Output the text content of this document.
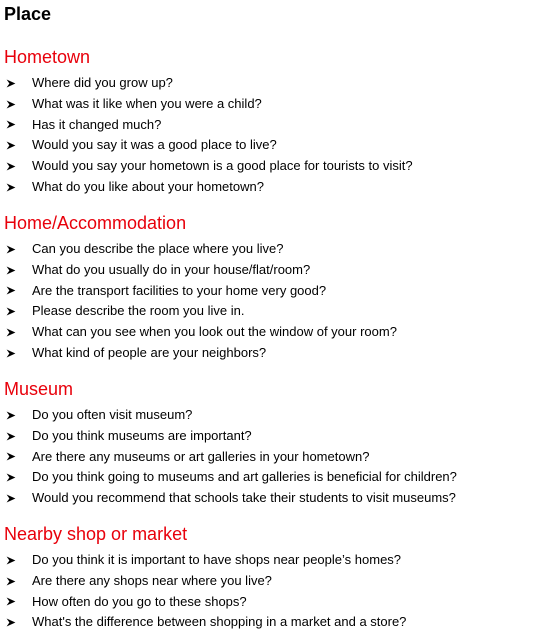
Place
Hometown
Where did you grow up?
What was it like when you were a child?
Has it changed much?
Would you say it was a good place to live?
Would you say your hometown is a good place for tourists to visit?
What do you like about your hometown?
Home/Accommodation
Can you describe the place where you live?
What do you usually do in your house/flat/room?
Are the transport facilities to your home very good?
Please describe the room you live in.
What can you see when you look out the window of your room?
What kind of people are your neighbors?
Museum
Do you often visit museum?
Do you think museums are important?
Are there any museums or art galleries in your hometown?
Do you think going to museums and art galleries is beneficial for children?
Would you recommend that schools take their students to visit museums?
Nearby shop or market
Do you think it is important to have shops near people’s homes?
Are there any shops near where you live?
How often do you go to these shops?
What's the difference between shopping in a market and a store?
